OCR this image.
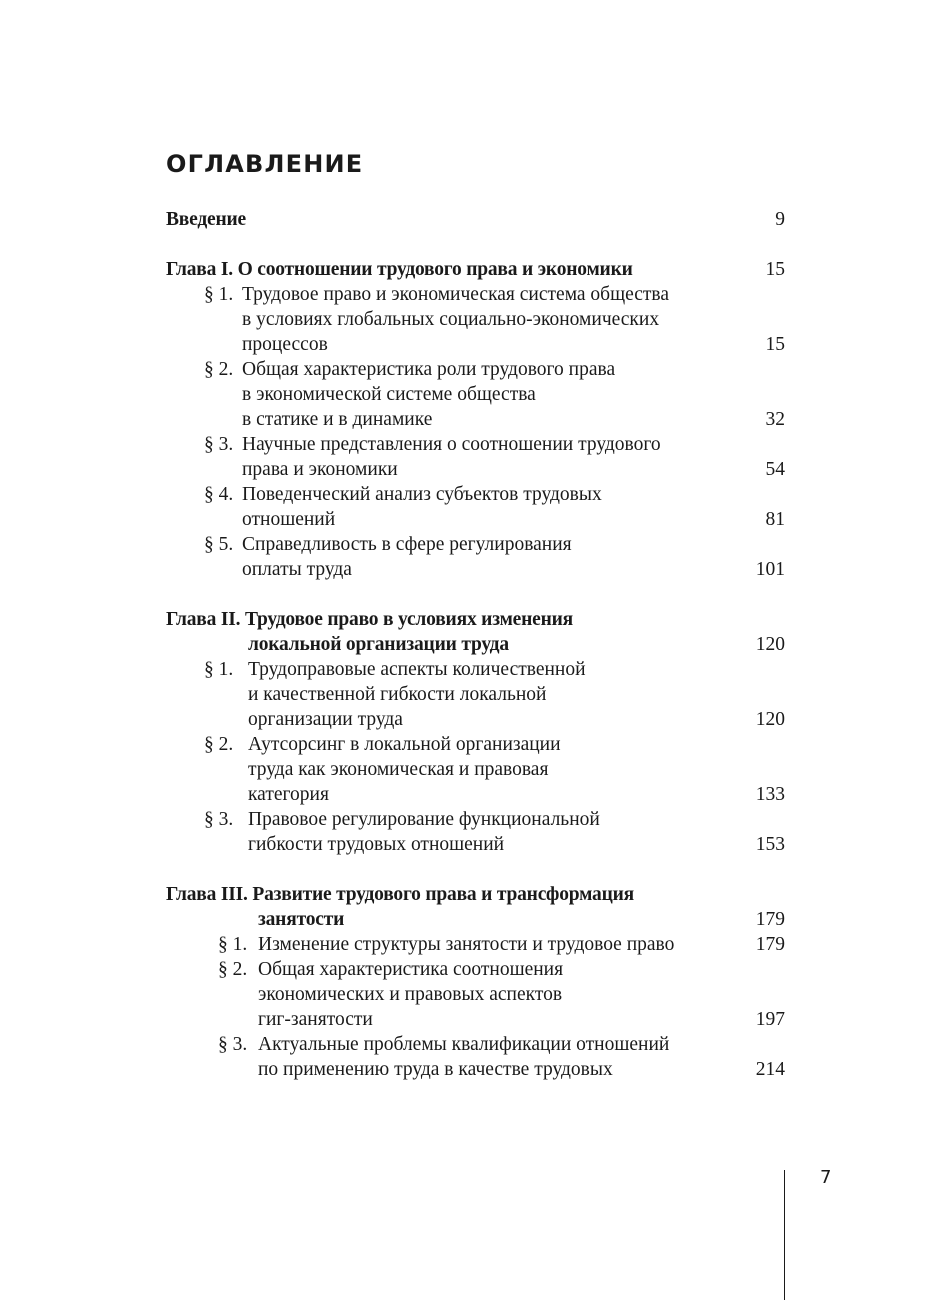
ОГЛАВЛЕНИЕ
Введение	9
Глава I. О соотношении трудового права и экономики	15
§ 1. Трудовое право и экономическая система общества
в условиях глобальных социально-экономических
процессов	15
§ 2. Общая характеристика роли трудового права
в экономической системе общества
в статике и в динамике	32
§ 3. Научные представления о соотношении трудового
права и экономики	54
§ 4. Поведенческий анализ субъектов трудовых
отношений	81
§ 5. Справедливость в сфере регулирования
оплаты труда	101
Глава II. Трудовое право в условиях изменения
локальной организации труда	120
§ 1. Трудоправовые аспекты количественной
и качественной гибкости локальной
организации труда	120
§ 2. Аутсорсинг в локальной организации
труда как экономическая и правовая
категория	133
§ 3. Правовое регулирование функциональной
гибкости трудовых отношений	153
Глава III. Развитие трудового права и трансформация
занятости	179
§ 1. Изменение структуры занятости и трудовое право	179
§ 2. Общая характеристика соотношения
экономических и правовых аспектов
гиг-занятости	197
§ 3. Актуальные проблемы квалификации отношений
по применению труда в качестве трудовых	214
7
